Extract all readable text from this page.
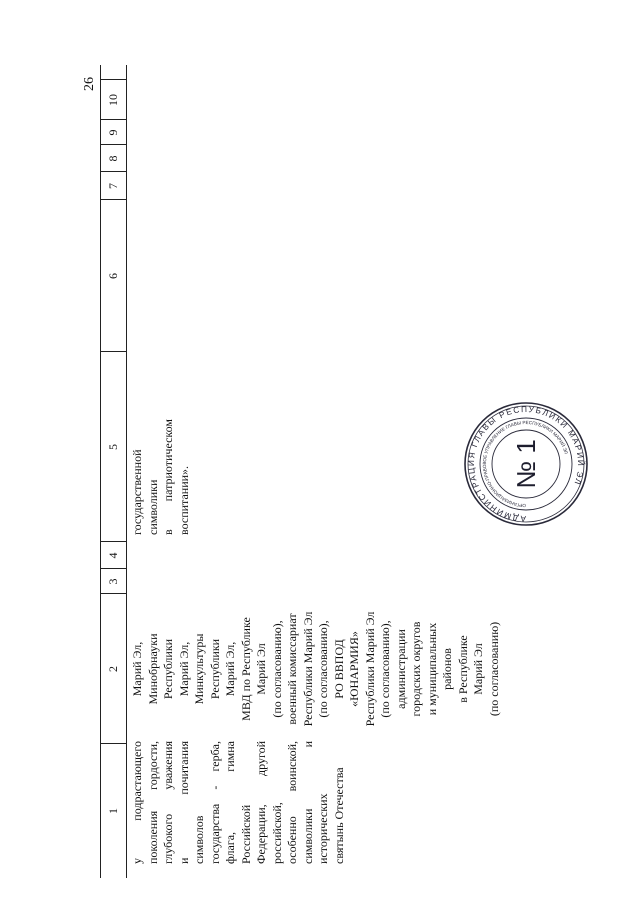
26
1
2
3
4
5
6
7
8
9
10
у подрастающего поколения гордости, глубокого уважения и почитания символов государства - герба, флага, гимна Российской Федерации, другой российской, особенно воинской, символики и исторических святынь Отечества
Марий Эл, Минобрнауки Республики Марий Эл, Минкультуры Республики Марий Эл, МВД по Республике Марий Эл (по согласованию), военный комиссариат Республики Марий Эл (по согласованию), РО ВВПОД «ЮНАРМИЯ» Республики Марий Эл (по согласованию), администрации городских округов и муниципальных районов в Республике Марий Эл (по согласованию)
государственной символики в патриотическом воспитании».	АДМИНИСТРАЦИЯ ГЛАВЫ РЕСПУБЛИКИ МАРИЙ ЭЛ
ОРГАНИЗАЦИОННО-ПРАВОВОЕ УПРАВЛЕНИЕ ГЛАВЫ РЕСПУБЛИКИ МАРИЙ ЭЛ
№ 1
